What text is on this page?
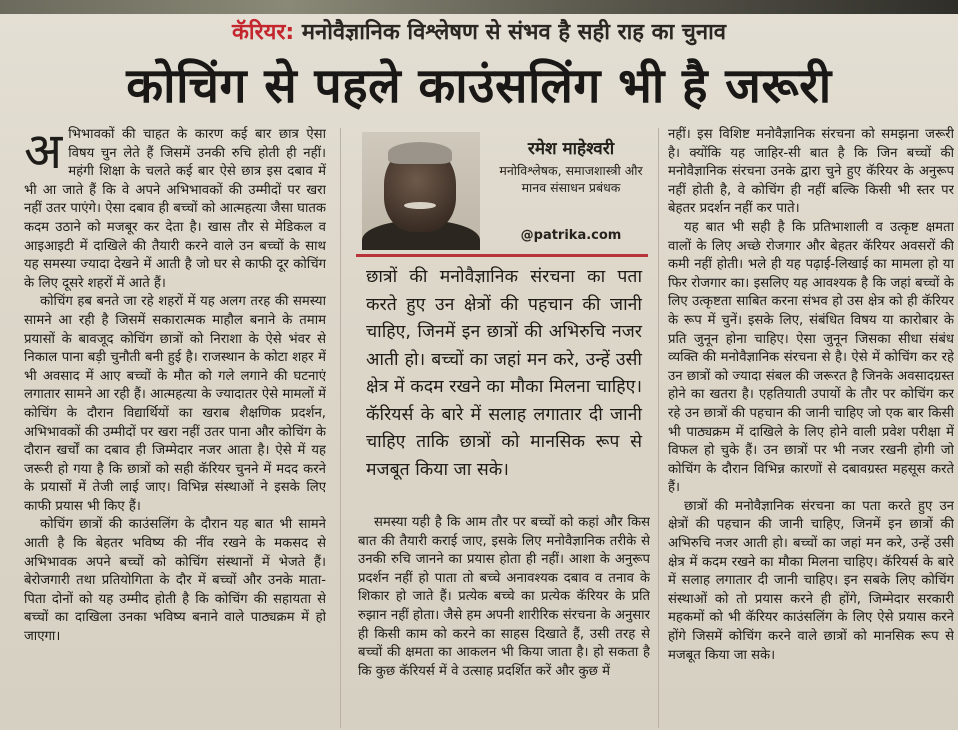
कॅरियर: मनोवैज्ञानिक विश्लेषण से संभव है सही राह का चुनाव
कोचिंग से पहले काउंसलिंग भी है जरूरी
अ भिभावकों की चाहत के कारण कई बार छात्र ऐसा विषय चुन लेते हैं जिसमें उनकी रुचि होती ही नहीं। महंगी शिक्षा के चलते कई बार ऐसे छात्र इस दबाव में भी आ जाते हैं कि वे अपने अभिभावकों की उम्मीदों पर खरा नहीं उतर पाएंगे। ऐसा दबाव ही बच्चों को आत्महत्या जैसा घातक कदम उठाने को मजबूर कर देता है। खास तौर से मेडिकल व आइआइटी में दाखिले की तैयारी करने वाले उन बच्चों के साथ यह समस्या ज्यादा देखने में आती है जो घर से काफी दूर कोचिंग के लिए दूसरे शहरों में आते हैं।

कोचिंग हब बनते जा रहे शहरों में यह अलग तरह की समस्या सामने आ रही है जिसमें सकारात्मक माहौल बनाने के तमाम प्रयासों के बावजूद कोचिंग छात्रों को निराशा के ऐसे भंवर से निकाल पाना बड़ी चुनौती बनी हुई है। राजस्थान के कोटा शहर में भी अवसाद में आए बच्चों के मौत को गले लगाने की घटनाएं लगातार सामने आ रही हैं। आत्महत्या के ज्यादातर ऐसे मामलों में कोचिंग के दौरान विद्यार्थियों का खराब शैक्षणिक प्रदर्शन, अभिभावकों की उम्मीदों पर खरा नहीं उतर पाना और कोचिंग के दौरान खर्चों का दबाव ही जिम्मेदार नजर आता है। ऐसे में यह जरूरी हो गया है कि छात्रों को सही कॅरियर चुनने में मदद करने के प्रयासों में तेजी लाई जाए। विभिन्न संस्थाओं ने इसके लिए काफी प्रयास भी किए हैं।

कोचिंग छात्रों की काउंसलिंग के दौरान यह बात भी सामने आती है कि बेहतर भविष्य की नींव रखने के मकसद से अभिभावक अपने बच्चों को कोचिंग संस्थानों में भेजते हैं। बेरोजगारी तथा प्रतियोगिता के दौर में बच्चों और उनके माता-पिता दोनों को यह उम्मीद होती है कि कोचिंग की सहायता से बच्चों का दाखिला उनका भविष्य बनाने वाले पाठ्यक्रम में हो जाएगा।

रमेश माहेश्वरी
मनोविश्लेषक, समाजशास्त्री और मानव संसाधन प्रबंधक
@patrika.com
छात्रों की मनोवैज्ञानिक संरचना का पता करते हुए उन क्षेत्रों की पहचान की जानी चाहिए, जिनमें इन छात्रों की अभिरुचि नजर आती हो। बच्चों का जहां मन करे, उन्हें उसी क्षेत्र में कदम रखने का मौका मिलना चाहिए। कॅरियर्स के बारे में सलाह लगातार दी जानी चाहिए ताकि छात्रों को मानसिक रूप से मजबूत किया जा सके।

समस्या यही है कि आम तौर पर बच्चों को कहां और किस बात की तैयारी कराई जाए, इसके लिए मनोवैज्ञानिक तरीके से उनकी रुचि जानने का प्रयास होता ही नहीं। आशा के अनुरूप प्रदर्शन नहीं हो पाता तो बच्चे अनावश्यक दबाव व तनाव के शिकार हो जाते हैं। प्रत्येक बच्चे का प्रत्येक कॅरियर के प्रति रुझान नहीं होता। जैसे हम अपनी शारीरिक संरचना के अनुसार ही किसी काम को करने का साहस दिखाते हैं, उसी तरह से बच्चों की क्षमता का आकलन भी किया जाता है। हो सकता है कि कुछ कॅरियर्स में वे उत्साह प्रदर्शित करें और कुछ में

नहीं। इस विशिष्ट मनोवैज्ञानिक संरचना को समझना जरूरी है। क्योंकि यह जाहिर-सी बात है कि जिन बच्चों की मनोवैज्ञानिक संरचना उनके द्वारा चुने हुए कॅरियर के अनुरूप नहीं होती है, वे कोचिंग ही नहीं बल्कि किसी भी स्तर पर बेहतर प्रदर्शन नहीं कर पाते।

यह बात भी सही है कि प्रतिभाशाली व उत्कृष्ट क्षमता वालों के लिए अच्छे रोजगार और बेहतर कॅरियर अवसरों की कमी नहीं होती। भले ही यह पढ़ाई-लिखाई का मामला हो या फिर रोजगार का। इसलिए यह आवश्यक है कि जहां बच्चों के लिए उत्कृष्टता साबित करना संभव हो उस क्षेत्र को ही कॅरियर के रूप में चुनें। इसके लिए, संबंधित विषय या कारोबार के प्रति जुनून होना चाहिए। ऐसा जुनून जिसका सीधा संबंध व्यक्ति की मनोवैज्ञानिक संरचना से है। ऐसे में कोचिंग कर रहे उन छात्रों को ज्यादा संबल की जरूरत है जिनके अवसादग्रस्त होने का खतरा है। एहतियाती उपायों के तौर पर कोचिंग कर रहे उन छात्रों की पहचान की जानी चाहिए जो एक बार किसी भी पाठ्यक्रम में दाखिले के लिए होने वाली प्रवेश परीक्षा में विफल हो चुके हैं। उन छात्रों पर भी नजर रखनी होगी जो कोचिंग के दौरान विभिन्न कारणों से दबावग्रस्त महसूस करते हैं।

छात्रों की मनोवैज्ञानिक संरचना का पता करते हुए उन क्षेत्रों की पहचान की जानी चाहिए, जिनमें इन छात्रों की अभिरुचि नजर आती हो। बच्चों का जहां मन करे, उन्हें उसी क्षेत्र में कदम रखने का मौका मिलना चाहिए। कॅरियर्स के बारे में सलाह लगातार दी जानी चाहिए। इन सबके लिए कोचिंग संस्थाओं को तो प्रयास करने ही होंगे, जिम्मेदार सरकारी महकमों को भी कॅरियर काउंसलिंग के लिए ऐसे प्रयास करने होंगे जिसमें कोचिंग करने वाले छात्रों को मानसिक रूप से मजबूत किया जा सके।
